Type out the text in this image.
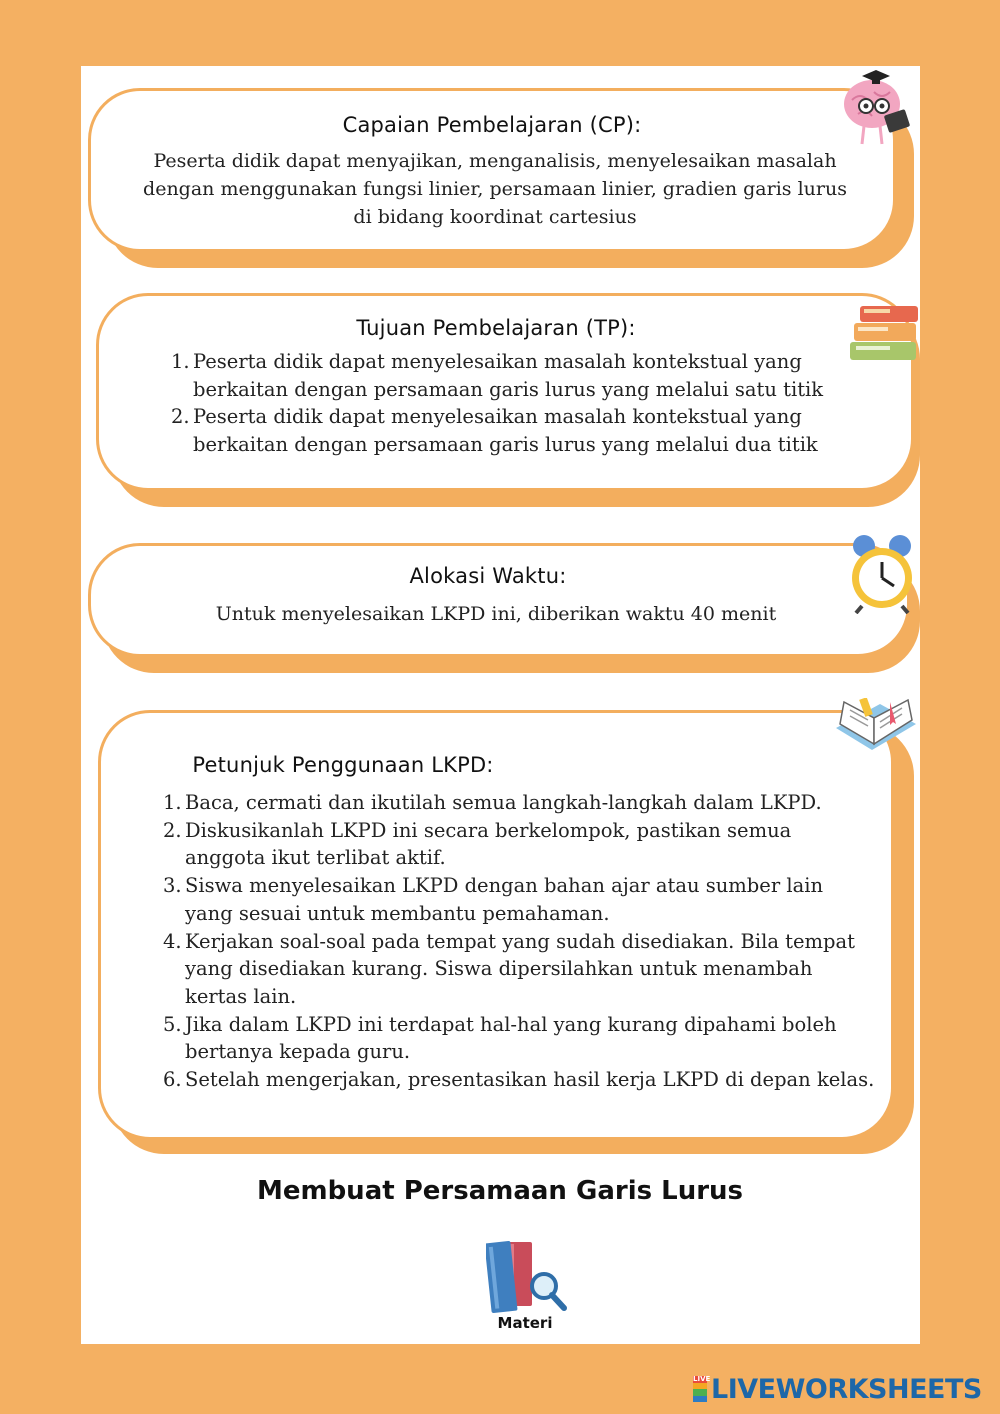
Capaian Pembelajaran (CP):
Peserta didik dapat menyajikan, menganalisis, menyelesaikan masalah dengan menggunakan fungsi linier, persamaan linier, gradien garis lurus di bidang koordinat cartesius
Tujuan Pembelajaran (TP):
1. Peserta didik dapat menyelesaikan masalah kontekstual yang berkaitan dengan persamaan garis lurus yang melalui satu titik
2. Peserta didik dapat menyelesaikan masalah kontekstual yang berkaitan dengan persamaan garis lurus yang melalui dua titik
Alokasi Waktu:
Untuk menyelesaikan LKPD ini, diberikan waktu 40 menit
Petunjuk Penggunaan LKPD:
1. Baca, cermati dan ikutilah semua langkah-langkah dalam LKPD.
2. Diskusikanlah LKPD ini secara berkelompok, pastikan semua anggota ikut terlibat aktif.
3. Siswa menyelesaikan LKPD dengan bahan ajar atau sumber lain yang sesuai untuk membantu pemahaman.
4. Kerjakan soal-soal pada tempat yang sudah disediakan. Bila tempat yang disediakan kurang. Siswa dipersilahkan untuk menambah kertas lain.
5. Jika dalam LKPD ini terdapat hal-hal yang kurang dipahami boleh bertanya kepada guru.
6. Setelah mengerjakan, presentasikan hasil kerja LKPD di depan kelas.
Membuat Persamaan Garis Lurus
Materi
LIVE LIVEWORKSHEETS
